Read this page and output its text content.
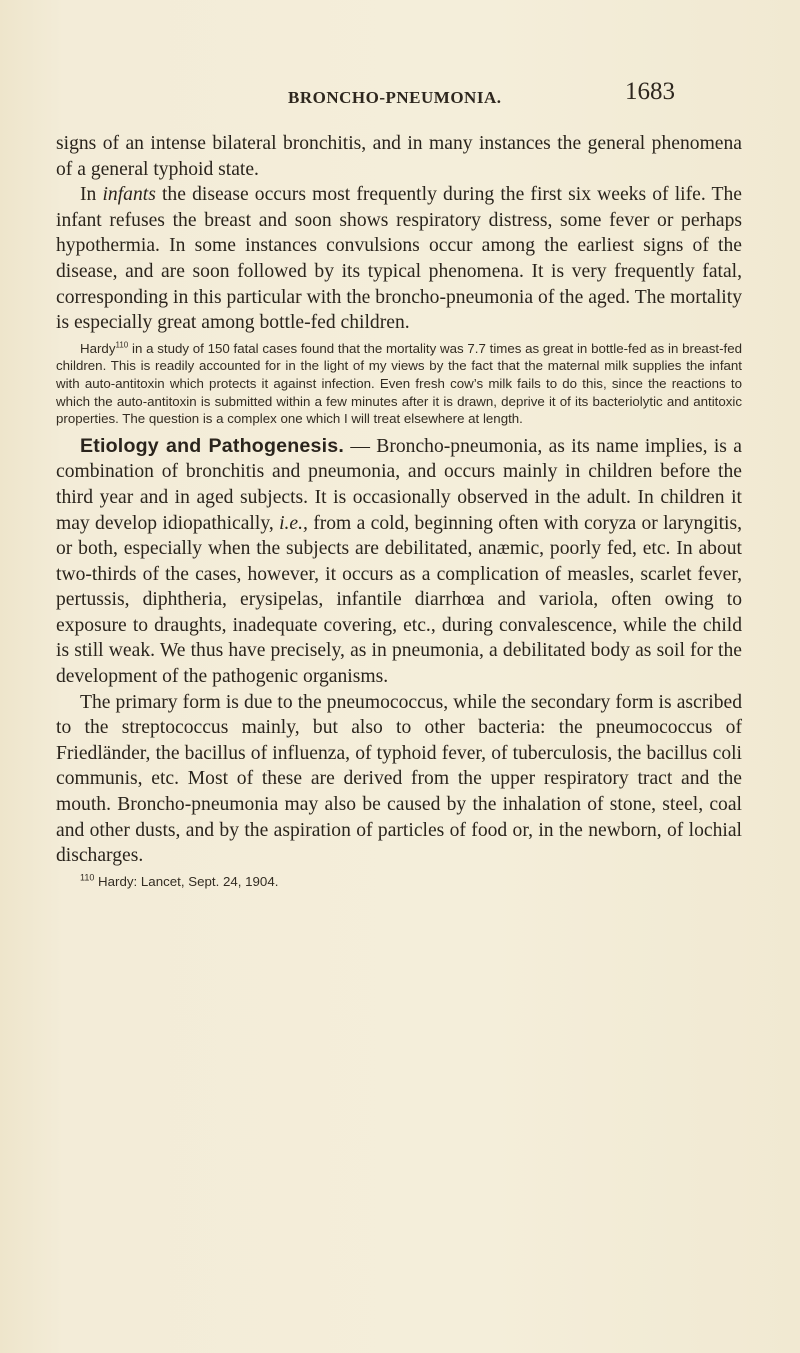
BRONCHO-PNEUMONIA.	1683

signs of an intense bilateral bronchitis, and in many instances the general phenomena of a general typhoid state.

In infants the disease occurs most frequently during the first six weeks of life. The infant refuses the breast and soon shows respiratory distress, some fever or perhaps hypothermia. In some instances convulsions occur among the earliest signs of the disease, and are soon followed by its typical phenomena. It is very frequently fatal, corresponding in this particular with the broncho-pneumonia of the aged. The mortality is especially great among bottle-fed children.

Hardy$^{110}$ in a study of 150 fatal cases found that the mortality was 7.7 times as great in bottle-fed as in breast-fed children. This is readily accounted for in the light of my views by the fact that the maternal milk supplies the infant with auto-antitoxin which protects it against infection. Even fresh cow’s milk fails to do this, since the reactions to which the auto-antitoxin is submitted within a few minutes after it is drawn, deprive it of its bacteriolytic and antitoxic properties. The question is a complex one which I will treat elsewhere at length.

Etiology and Pathogenesis. — Broncho-pneumonia, as its name implies, is a combination of bronchitis and pneumonia, and occurs mainly in children before the third year and in aged subjects. It is occasionally observed in the adult. In children it may develop idiopathically, i.e., from a cold, beginning often with coryza or laryngitis, or both, especially when the subjects are debilitated, anæmic, poorly fed, etc. In about two-thirds of the cases, however, it occurs as a complication of measles, scarlet fever, pertussis, diphtheria, erysipelas, infantile diarrhœa and variola, often owing to exposure to draughts, inadequate covering, etc., during convalescence, while the child is still weak. We thus have precisely, as in pneumonia, a debilitated body as soil for the development of the pathogenic organisms.

The primary form is due to the pneumococcus, while the secondary form is ascribed to the streptococcus mainly, but also to other bacteria: the pneumococcus of Friedländer, the bacillus of influenza, of typhoid fever, of tuberculosis, the bacillus coli communis, etc. Most of these are derived from the upper respiratory tract and the mouth. Broncho-pneumonia may also be caused by the inhalation of stone, steel, coal and other dusts, and by the aspiration of particles of food or, in the newborn, of lochial discharges.

$^{110}$ Hardy: Lancet, Sept. 24, 1904.
